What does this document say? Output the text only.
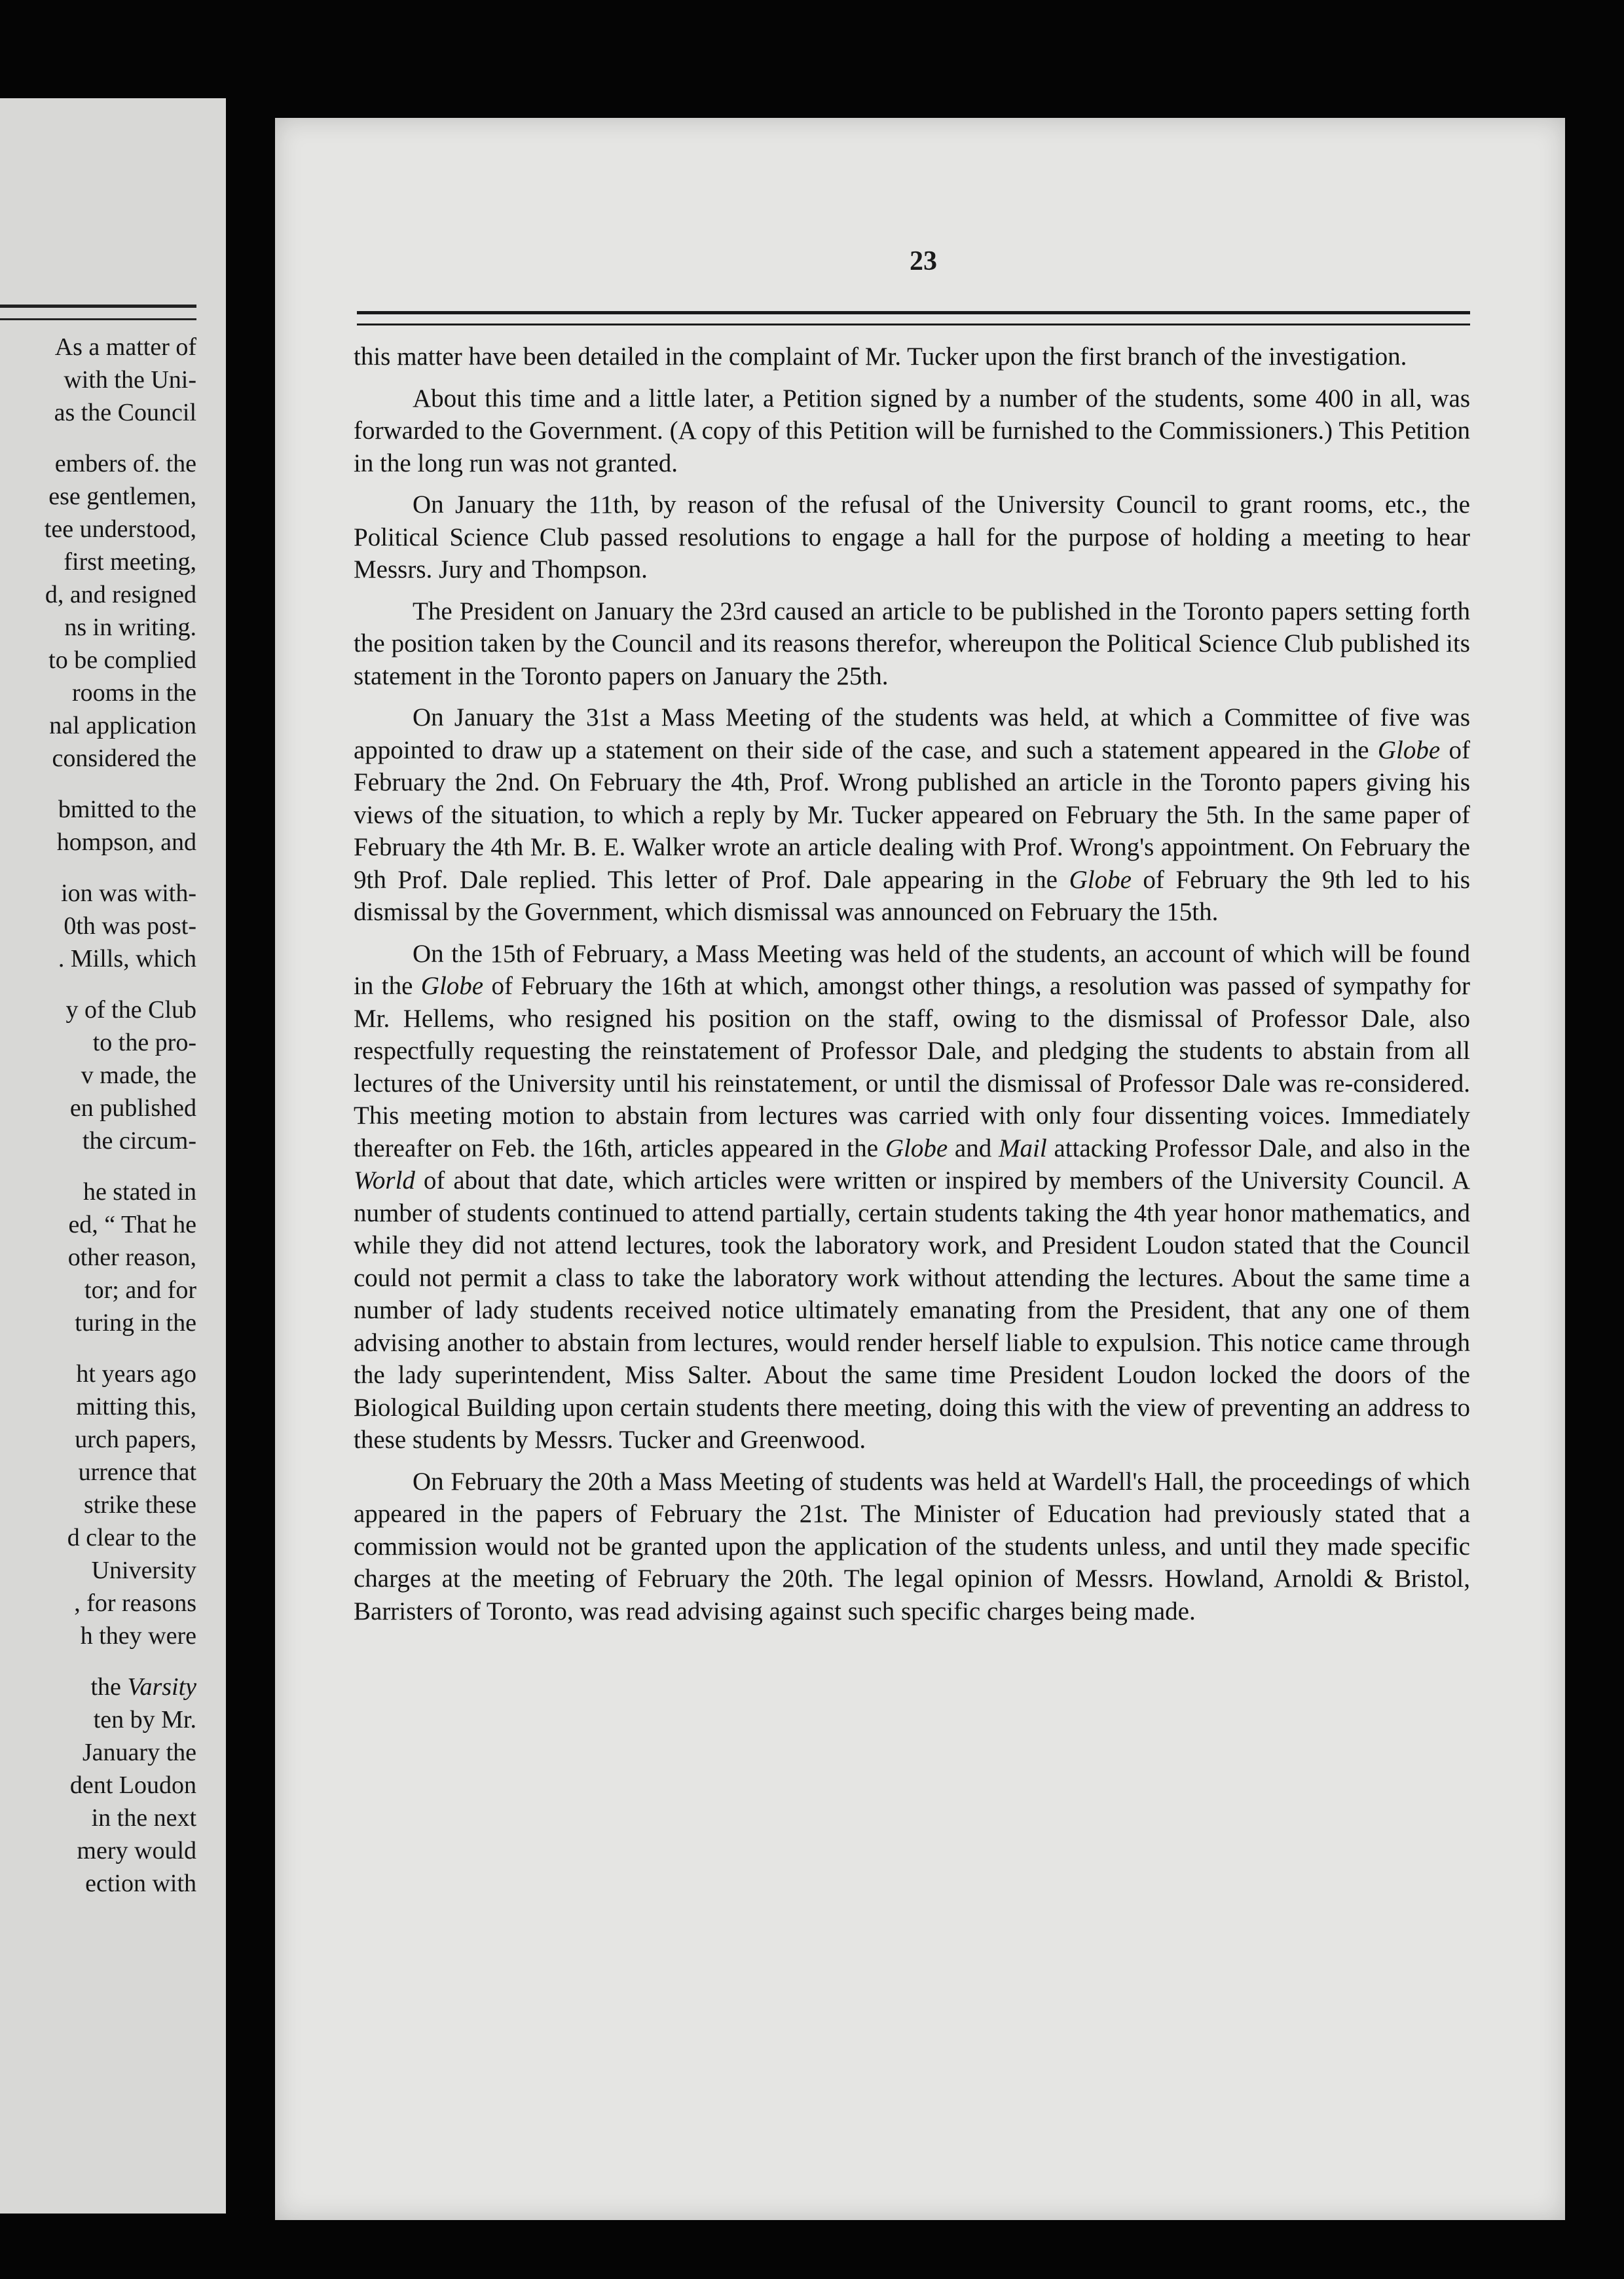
As a matter of
with the Uni-
as the Council
embers of. the
ese gentlemen,
tee understood,
first meeting,
d, and resigned
ns in writing.
to be complied
rooms in the
nal application
considered the
bmitted to the
hompson, and
ion was with-
0th was post-
. Mills, which
y of the Club
to the pro-
v made, the
en published
the circum-
he stated in
ed, “ That he
other reason,
tor; and for
turing in the
ht years ago
mitting this,
urch papers,
urrence that
strike these
d clear to the
University
, for reasons
h they were
the Varsity
ten by Mr.
January the
dent Loudon
in the next
mery would
ection with
23

this matter have been detailed in the complaint of Mr. Tucker upon the first branch of the investigation.

About this time and a little later, a Petition signed by a number of the students, some 400 in all, was forwarded to the Government. (A copy of this Petition will be furnished to the Commissioners.) This Petition in the long run was not granted.

On January the 11th, by reason of the refusal of the University Council to grant rooms, etc., the Political Science Club passed resolutions to engage a hall for the purpose of holding a meeting to hear Messrs. Jury and Thompson.

The President on January the 23rd caused an article to be published in the Toronto papers setting forth the position taken by the Council and its reasons therefor, whereupon the Political Science Club published its statement in the Toronto papers on January the 25th.

On January the 31st a Mass Meeting of the students was held, at which a Committee of five was appointed to draw up a statement on their side of the case, and such a statement appeared in the Globe of February the 2nd. On February the 4th, Prof. Wrong published an article in the Toronto papers giving his views of the situation, to which a reply by Mr. Tucker appeared on February the 5th. In the same paper of February the 4th Mr. B. E. Walker wrote an article dealing with Prof. Wrong's appointment. On February the 9th Prof. Dale replied. This letter of Prof. Dale appearing in the Globe of February the 9th led to his dismissal by the Government, which dismissal was announced on February the 15th.

On the 15th of February, a Mass Meeting was held of the students, an account of which will be found in the Globe of February the 16th at which, amongst other things, a resolution was passed of sympathy for Mr. Hellems, who resigned his position on the staff, owing to the dismissal of Professor Dale, also respectfully requesting the reinstatement of Professor Dale, and pledging the students to abstain from all lectures of the University until his reinstatement, or until the dismissal of Professor Dale was re-considered. This meeting motion to abstain from lectures was carried with only four dissenting voices. Immediately thereafter on Feb. the 16th, articles appeared in the Globe and Mail attacking Professor Dale, and also in the World of about that date, which articles were written or inspired by members of the University Council. A number of students continued to attend partially, certain students taking the 4th year honor mathematics, and while they did not attend lectures, took the laboratory work, and President Loudon stated that the Council could not permit a class to take the laboratory work without attending the lectures. About the same time a number of lady students received notice ultimately emanating from the President, that any one of them advising another to abstain from lectures, would render herself liable to expulsion. This notice came through the lady superintendent, Miss Salter. About the same time President Loudon locked the doors of the Biological Building upon certain students there meeting, doing this with the view of preventing an address to these students by Messrs. Tucker and Greenwood.

On February the 20th a Mass Meeting of students was held at Wardell's Hall, the proceedings of which appeared in the papers of February the 21st. The Minister of Education had previously stated that a commission would not be granted upon the application of the students unless, and until they made specific charges at the meeting of February the 20th. The legal opinion of Messrs. Howland, Arnoldi & Bristol, Barristers of Toronto, was read advising against such specific charges being made.
